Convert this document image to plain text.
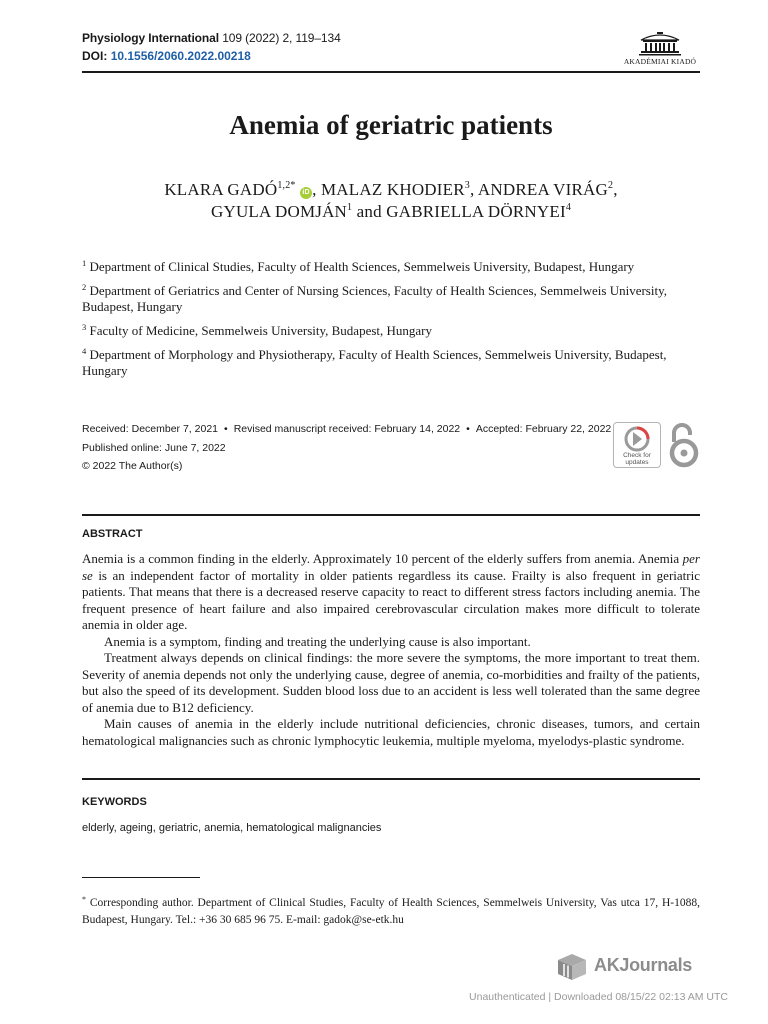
Physiology International 109 (2022) 2, 119–134
DOI: 10.1556/2060.2022.00218	AKADÉMIAI KIADÓ
Anemia of geriatric patients
KLARA $GADÓ^{1,2*}$ iD , MALAZ KHODIER$^3$, ANDREA VIRÁG$^2$,
GYULA DOMJÁN$^1$ and GABRIELLA DÖRNYEI$^4$
$^1$ Department of Clinical Studies, Faculty of Health Sciences, Semmelweis University, Budapest, Hungary
$^2$ Department of Geriatrics and Center of Nursing Sciences, Faculty of Health Sciences, Semmelweis University, Budapest, Hungary
$^3$ Faculty of Medicine, Semmelweis University, Budapest, Hungary
$^4$ Department of Morphology and Physiotherapy, Faculty of Health Sciences, Semmelweis University, Budapest, Hungary
Received: December 7, 2021 • Revised manuscript received: February 14, 2022 • Accepted: February 22, 2022
Published online: June 7, 2022
© 2022 The Author(s)
Check for
updates
ABSTRACT

Anemia is a common finding in the elderly. Approximately 10 percent of the elderly suffers from anemia. Anemia per se is an independent factor of mortality in older patients regardless its cause. Frailty is also frequent in geriatric patients. That means that there is a decreased reserve capacity to react to different stress factors including anemia. The frequent presence of heart failure and also impaired cerebrovascular circulation makes more difficult to tolerate anemia in older age.

Anemia is a symptom, finding and treating the underlying cause is also important.

Treatment always depends on clinical findings: the more severe the symptoms, the more important to treat them. Severity of anemia depends not only the underlying cause, degree of anemia, co-morbidities and frailty of the patients, but also the speed of its development. Sudden blood loss due to an accident is less well tolerated than the same degree of anemia due to B12 deficiency.

Main causes of anemia in the elderly include nutritional deficiencies, chronic diseases, tumors, and certain hematological malignancies such as chronic lymphocytic leukemia, multiple myeloma, myelodys-plastic syndrome.

KEYWORDS
elderly, ageing, geriatric, anemia, hematological malignancies
* Corresponding author. Department of Clinical Studies, Faculty of Health Sciences, Semmelweis University, Vas utca 17, H-1088, Budapest, Hungary. Tel.: +36 30 685 96 75. E-mail: gadok@se-etk.hu
AKJournals
Unauthenticated | Downloaded 08/15/22 02:13 AM UTC
